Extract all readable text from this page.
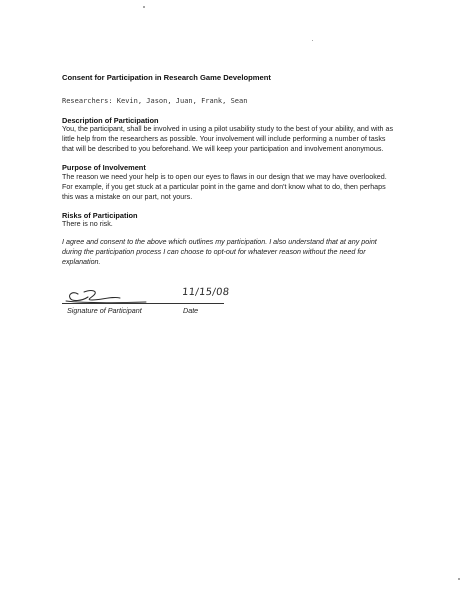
Consent for Participation in Research Game Development
Researchers: Kevin, Jason, Juan, Frank, Sean
Description of Participation
You, the participant, shall be involved in using a pilot usability study to the best of your ability, and with as
little help from the researchers as possible. Your involvement will include performing a number of tasks
that will be described to you beforehand. We will keep your participation and involvement anonymous.
Purpose of Involvement
The reason we need your help is to open our eyes to flaws in our design that we may have overlooked.
For example, if you get stuck at a particular point in the game and don't know what to do, then perhaps
this was a mistake on our part, not yours.
Risks of Participation
There is no risk.
I agree and consent to the above which outlines my participation. I also understand that at any point
during the participation process I can choose to opt-out for whatever reason without the need for
explanation.
11/15/08
Signature of Participant	Date
